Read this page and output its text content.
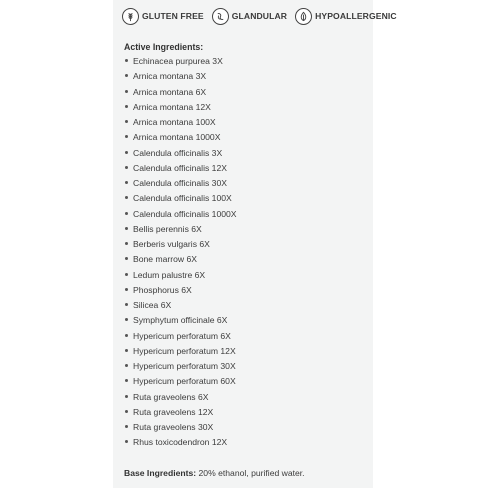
GLUTEN FREE	GLANDULAR	HYPOALLERGENIC
Active Ingredients:
Echinacea purpurea 3X
Arnica montana 3X
Arnica montana 6X
Arnica montana 12X
Arnica montana 100X
Arnica montana 1000X
Calendula officinalis 3X
Calendula officinalis 12X
Calendula officinalis 30X
Calendula officinalis 100X
Calendula officinalis 1000X
Bellis perennis 6X
Berberis vulgaris 6X
Bone marrow 6X
Ledum palustre 6X
Phosphorus 6X
Silicea 6X
Symphytum officinale 6X
Hypericum perforatum 6X
Hypericum perforatum 12X
Hypericum perforatum 30X
Hypericum perforatum 60X
Ruta graveolens 6X
Ruta graveolens 12X
Ruta graveolens 30X
Rhus toxicodendron 12X
Base Ingredients: 20% ethanol, purified water.
